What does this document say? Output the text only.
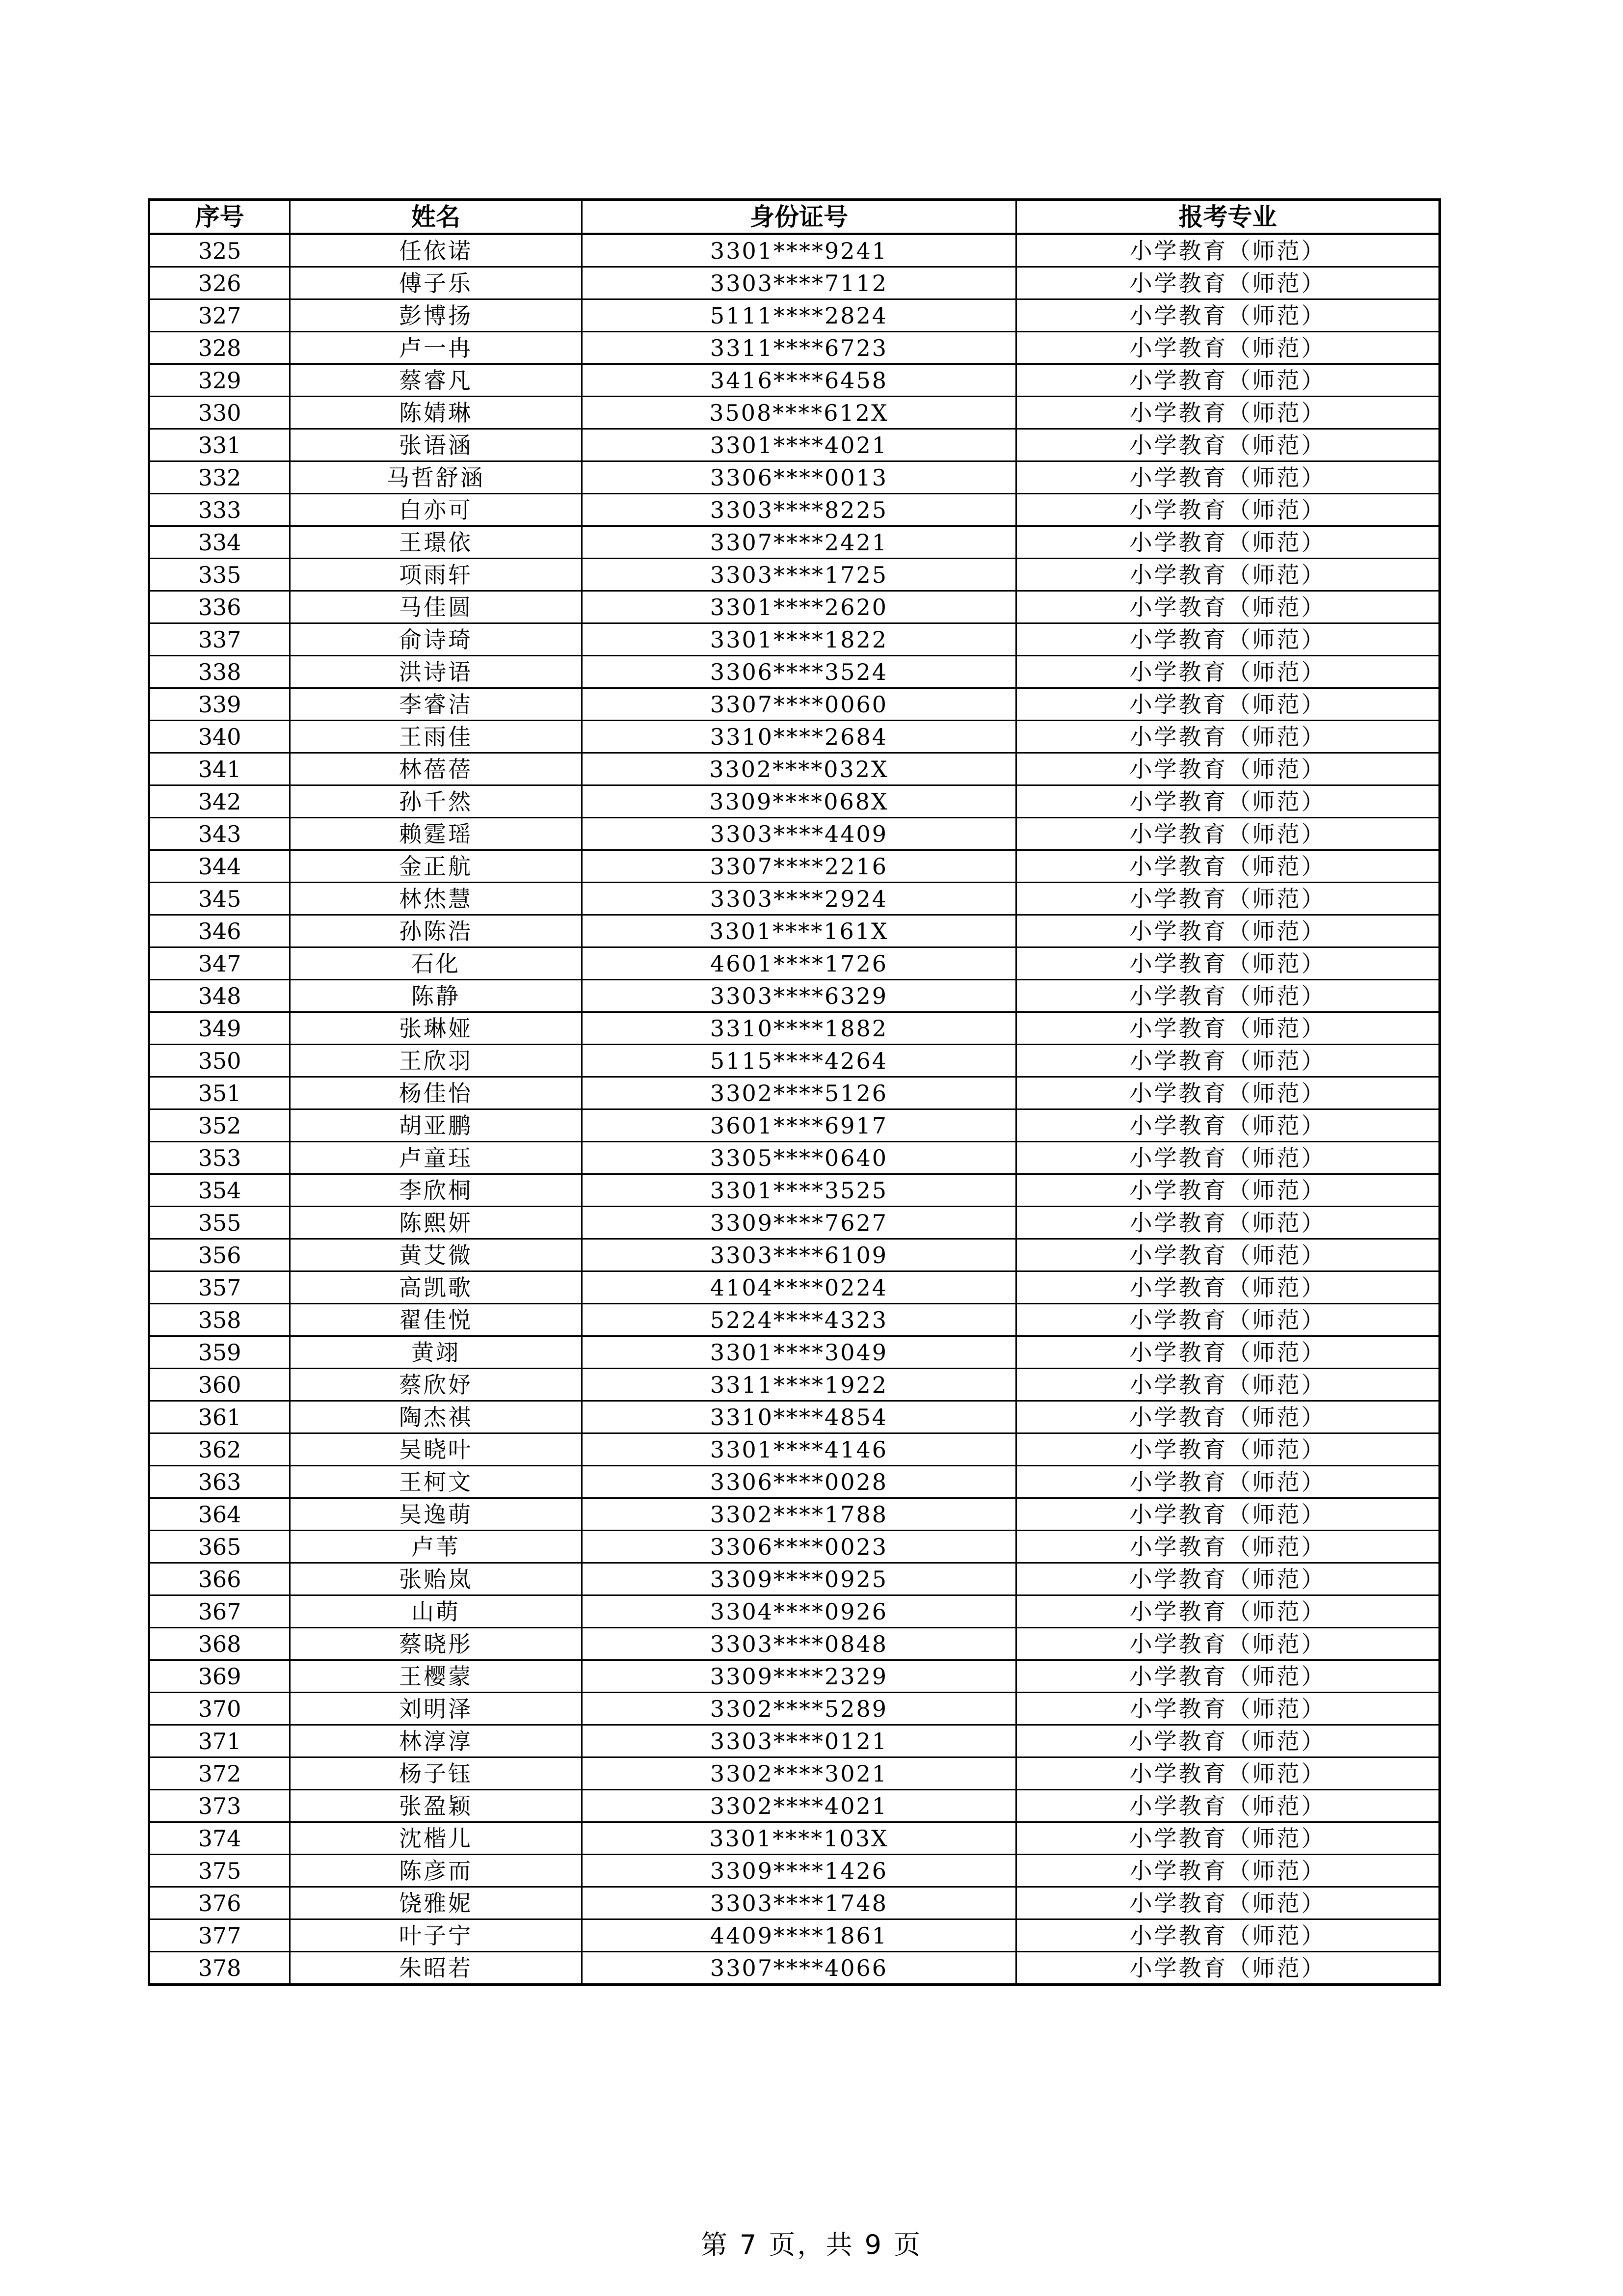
序号	姓名	身份证号	报考专业
325	任依诺	3301****9241	小学教育（师范）
326	傅子乐	3303****7112	小学教育（师范）
327	彭博扬	5111****2824	小学教育（师范）
328	卢一冉	3311****6723	小学教育（师范）
329	蔡睿凡	3416****6458	小学教育（师范）
330	陈婧琳	3508****612X	小学教育（师范）
331	张语涵	3301****4021	小学教育（师范）
332	马哲舒涵	3306****0013	小学教育（师范）
333	白亦可	3303****8225	小学教育（师范）
334	王璟依	3307****2421	小学教育（师范）
335	项雨轩	3303****1725	小学教育（师范）
336	马佳圆	3301****2620	小学教育（师范）
337	俞诗琦	3301****1822	小学教育（师范）
338	洪诗语	3306****3524	小学教育（师范）
339	李睿洁	3307****0060	小学教育（师范）
340	王雨佳	3310****2684	小学教育（师范）
341	林蓓蓓	3302****032X	小学教育（师范）
342	孙千然	3309****068X	小学教育（师范）
343	赖霆瑶	3303****4409	小学教育（师范）
344	金正航	3307****2216	小学教育（师范）
345	林烋慧	3303****2924	小学教育（师范）
346	孙陈浩	3301****161X	小学教育（师范）
347	石化	4601****1726	小学教育（师范）
348	陈静	3303****6329	小学教育（师范）
349	张琳娅	3310****1882	小学教育（师范）
350	王欣羽	5115****4264	小学教育（师范）
351	杨佳怡	3302****5126	小学教育（师范）
352	胡亚鹏	3601****6917	小学教育（师范）
353	卢童珏	3305****0640	小学教育（师范）
354	李欣桐	3301****3525	小学教育（师范）
355	陈熙妍	3309****7627	小学教育（师范）
356	黄艾微	3303****6109	小学教育（师范）
357	高凯歌	4104****0224	小学教育（师范）
358	翟佳悦	5224****4323	小学教育（师范）
359	黄翊	3301****3049	小学教育（师范）
360	蔡欣妤	3311****1922	小学教育（师范）
361	陶杰祺	3310****4854	小学教育（师范）
362	吴晓叶	3301****4146	小学教育（师范）
363	王柯文	3306****0028	小学教育（师范）
364	吴逸萌	3302****1788	小学教育（师范）
365	卢苇	3306****0023	小学教育（师范）
366	张贻岚	3309****0925	小学教育（师范）
367	山萌	3304****0926	小学教育（师范）
368	蔡晓彤	3303****0848	小学教育（师范）
369	王樱蒙	3309****2329	小学教育（师范）
370	刘明泽	3302****5289	小学教育（师范）
371	林淳淳	3303****0121	小学教育（师范）
372	杨子钰	3302****3021	小学教育（师范）
373	张盈颖	3302****4021	小学教育（师范）
374	沈楷儿	3301****103X	小学教育（师范）
375	陈彦而	3309****1426	小学教育（师范）
376	饶雅妮	3303****1748	小学教育（师范）
377	叶子宁	4409****1861	小学教育（师范）
378	朱昭若	3307****4066	小学教育（师范）
第 7 页，共 9 页
